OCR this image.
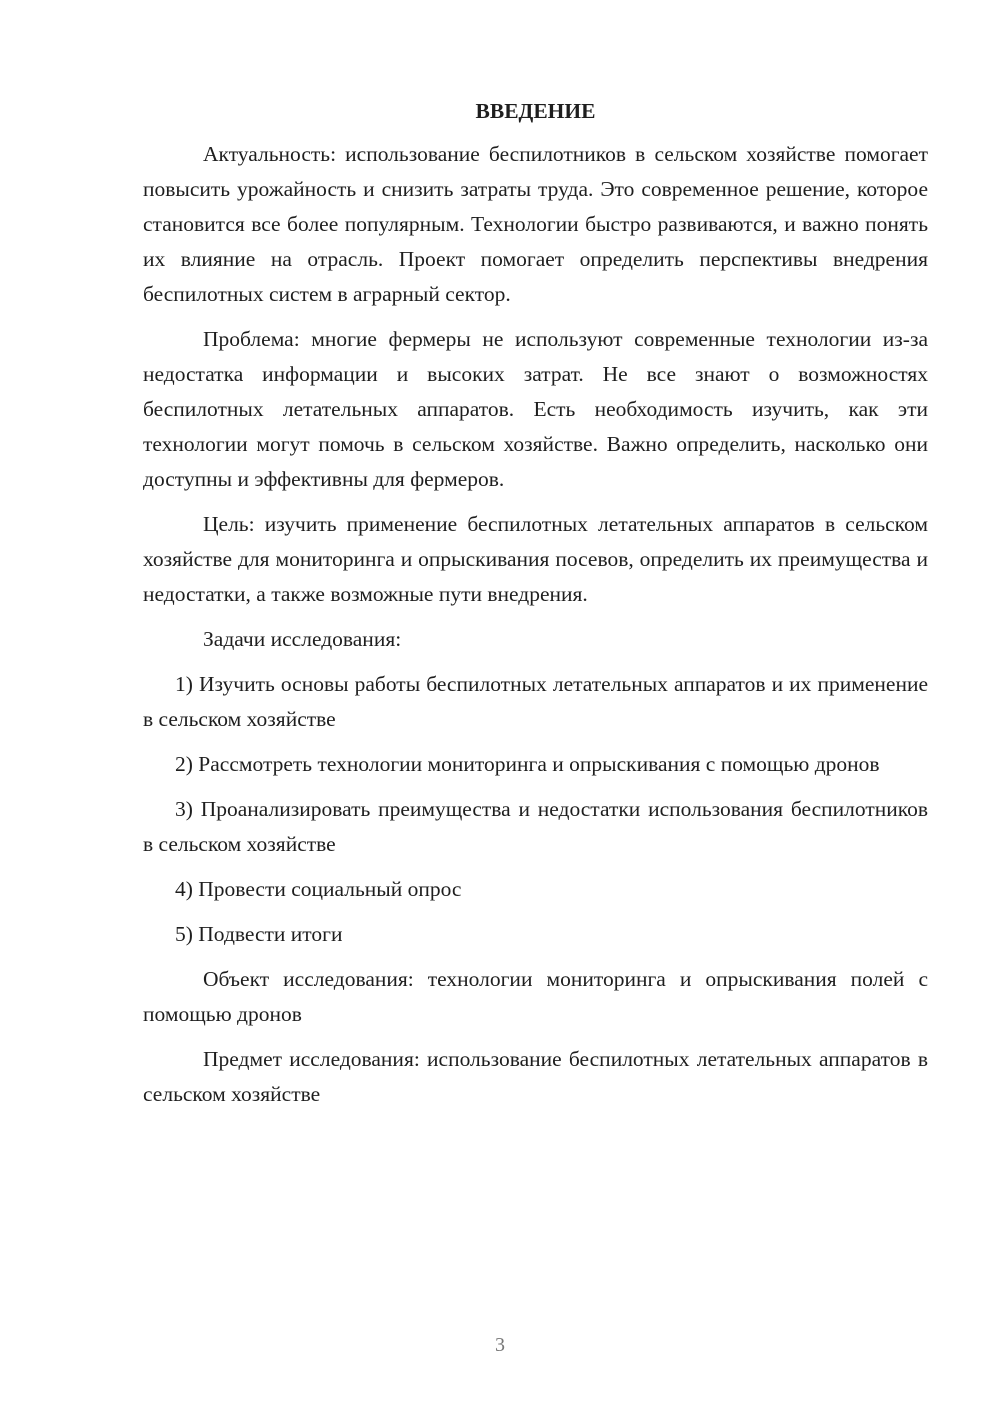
ВВЕДЕНИЕ

Актуальность: использование беспилотников в сельском хозяйстве помогает повысить урожайность и снизить затраты труда. Это современное решение, которое становится все более популярным. Технологии быстро развиваются, и важно понять их влияние на отрасль. Проект помогает определить перспективы внедрения беспилотных систем в аграрный сектор.

Проблема: многие фермеры не используют современные технологии из-за недостатка информации и высоких затрат. Не все знают о возможностях беспилотных летательных аппаратов. Есть необходимость изучить, как эти технологии могут помочь в сельском хозяйстве. Важно определить, насколько они доступны и эффективны для фермеров.

Цель: изучить применение беспилотных летательных аппаратов в сельском хозяйстве для мониторинга и опрыскивания посевов, определить их преимущества и недостатки, а также возможные пути внедрения.

Задачи исследования:

1) Изучить основы работы беспилотных летательных аппаратов и их применение в сельском хозяйстве

2) Рассмотреть технологии мониторинга и опрыскивания с помощью дронов

3) Проанализировать преимущества и недостатки использования беспилотников в сельском хозяйстве

4) Провести социальный опрос

5) Подвести итоги

Объект исследования: технологии мониторинга и опрыскивания полей с помощью дронов

Предмет исследования: использование беспилотных летательных аппаратов в сельском хозяйстве

3
